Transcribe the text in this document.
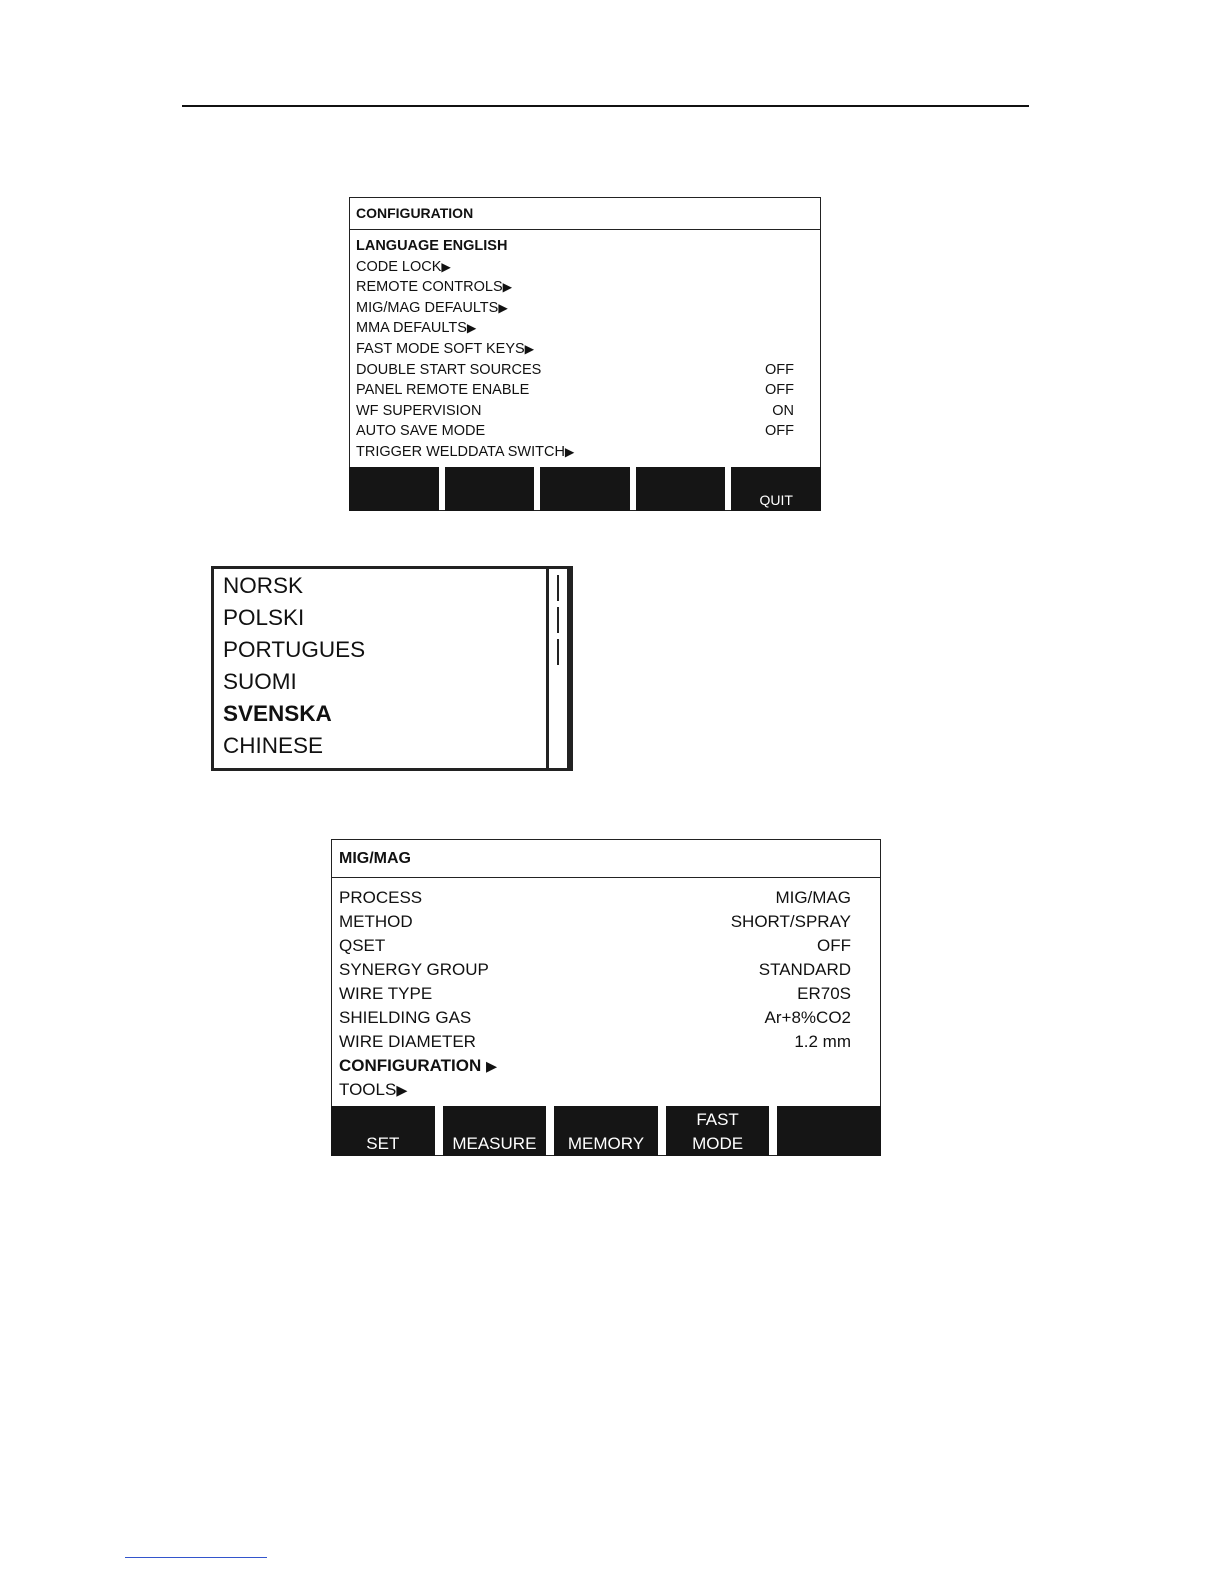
CONFIGURATION
LANGUAGE ENGLISH
CODE LOCK▶
REMOTE CONTROLS▶
MIG/MAG DEFAULTS▶
MMA DEFAULTS▶
FAST MODE SOFT KEYS▶
DOUBLE START SOURCES	OFF
PANEL REMOTE ENABLE	OFF
WF SUPERVISION	ON
AUTO SAVE MODE	OFF
TRIGGER WELDDATA SWITCH▶
QUIT
NORSK
POLSKI
PORTUGUES
SUOMI
SVENSKA
CHINESE
MIG/MAG
PROCESS	MIG/MAG
METHOD	SHORT/SPRAY
QSET	OFF
SYNERGY GROUP	STANDARD
WIRE TYPE	ER70S
SHIELDING GAS	Ar+8%CO2
WIRE DIAMETER	1.2 mm
CONFIGURATION ▶
TOOLS▶
SET	MEASURE MEMORY
FAST
MODE
